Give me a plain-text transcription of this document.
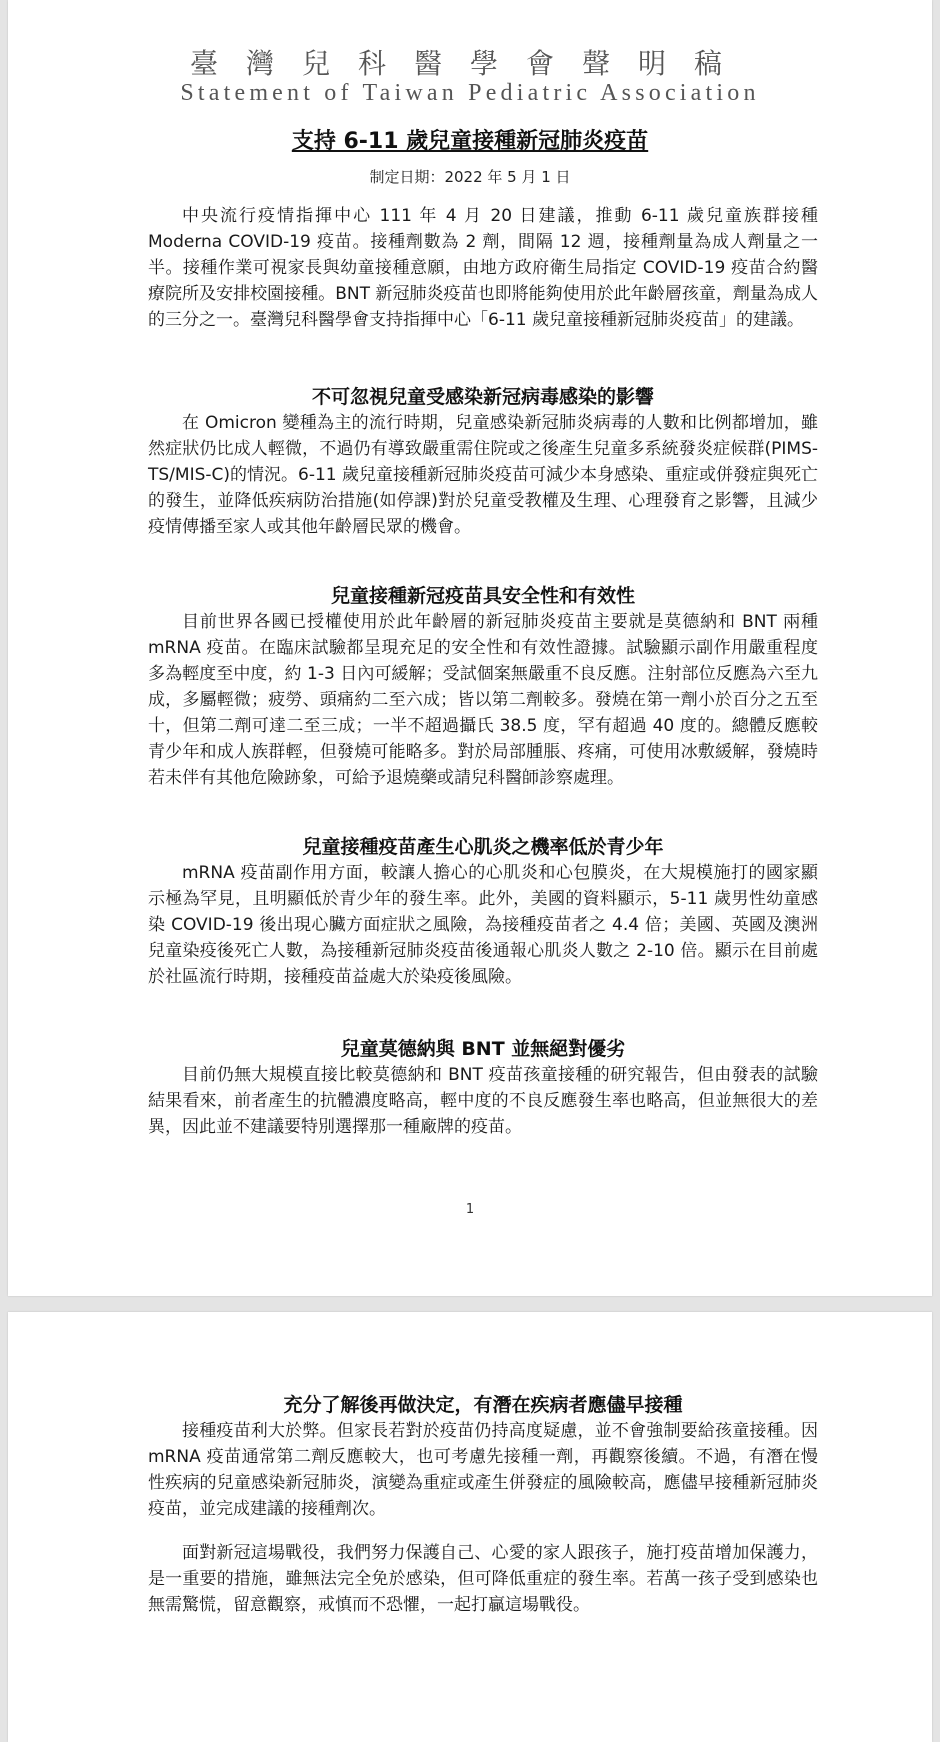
臺灣兒科醫學會聲明稿
Statement of Taiwan Pediatric Association
支持 6-11 歲兒童接種新冠肺炎疫苗
制定日期：2022 年 5 月 1 日

中央流行疫情指揮中心 111 年 4 月 20 日建議，推動 6-11 歲兒童族群接種 Moderna COVID-19 疫苗。接種劑數為 2 劑，間隔 12 週，接種劑量為成人劑量之一半。接種作業可視家長與幼童接種意願，由地方政府衛生局指定 COVID-19 疫苗合約醫療院所及安排校園接種。BNT 新冠肺炎疫苗也即將能夠使用於此年齡層孩童，劑量為成人的三分之一。臺灣兒科醫學會支持指揮中心「6-11 歲兒童接種新冠肺炎疫苗」的建議。

不可忽視兒童受感染新冠病毒感染的影響

在 Omicron 變種為主的流行時期，兒童感染新冠肺炎病毒的人數和比例都增加，雖然症狀仍比成人輕微，不過仍有導致嚴重需住院或之後產生兒童多系統發炎症候群(PIMS-TS/MIS-C)的情況。6-11 歲兒童接種新冠肺炎疫苗可減少本身感染、重症或併發症與死亡的發生，並降低疾病防治措施(如停課)對於兒童受教權及生理、心理發育之影響，且減少疫情傳播至家人或其他年齡層民眾的機會。

兒童接種新冠疫苗具安全性和有效性

目前世界各國已授權使用於此年齡層的新冠肺炎疫苗主要就是莫德納和 BNT 兩種 mRNA 疫苗。在臨床試驗都呈現充足的安全性和有效性證據。試驗顯示副作用嚴重程度多為輕度至中度，約 1-3 日內可緩解；受試個案無嚴重不良反應。注射部位反應為六至九成，多屬輕微；疲勞、頭痛約二至六成；皆以第二劑較多。發燒在第一劑小於百分之五至十，但第二劑可達二至三成；一半不超過攝氏 38.5 度，罕有超過 40 度的。總體反應較青少年和成人族群輕，但發燒可能略多。對於局部腫脹、疼痛，可使用冰敷緩解，發燒時若未伴有其他危險跡象，可給予退燒藥或請兒科醫師診察處理。

兒童接種疫苗產生心肌炎之機率低於青少年

mRNA 疫苗副作用方面，較讓人擔心的心肌炎和心包膜炎，在大規模施打的國家顯示極為罕見，且明顯低於青少年的發生率。此外，美國的資料顯示，5-11 歲男性幼童感染 COVID-19 後出現心臟方面症狀之風險，為接種疫苗者之 4.4 倍；美國、英國及澳洲兒童染疫後死亡人數，為接種新冠肺炎疫苗後通報心肌炎人數之 2-10 倍。顯示在目前處於社區流行時期，接種疫苗益處大於染疫後風險。

兒童莫德納與 BNT 並無絕對優劣

目前仍無大規模直接比較莫德納和 BNT 疫苗孩童接種的研究報告，但由發表的試驗結果看來，前者產生的抗體濃度略高，輕中度的不良反應發生率也略高，但並無很大的差異，因此並不建議要特別選擇那一種廠牌的疫苗。

1
充分了解後再做決定，有潛在疾病者應儘早接種

接種疫苗利大於弊。但家長若對於疫苗仍持高度疑慮，並不會強制要給孩童接種。因 mRNA 疫苗通常第二劑反應較大，也可考慮先接種一劑，再觀察後續。不過，有潛在慢性疾病的兒童感染新冠肺炎，演變為重症或產生併發症的風險較高，應儘早接種新冠肺炎疫苗，並完成建議的接種劑次。

面對新冠這場戰役，我們努力保護自己、心愛的家人跟孩子，施打疫苗增加保護力，是一重要的措施，雖無法完全免於感染，但可降低重症的發生率。若萬一孩子受到感染也無需驚慌，留意觀察，戒慎而不恐懼，一起打贏這場戰役。
